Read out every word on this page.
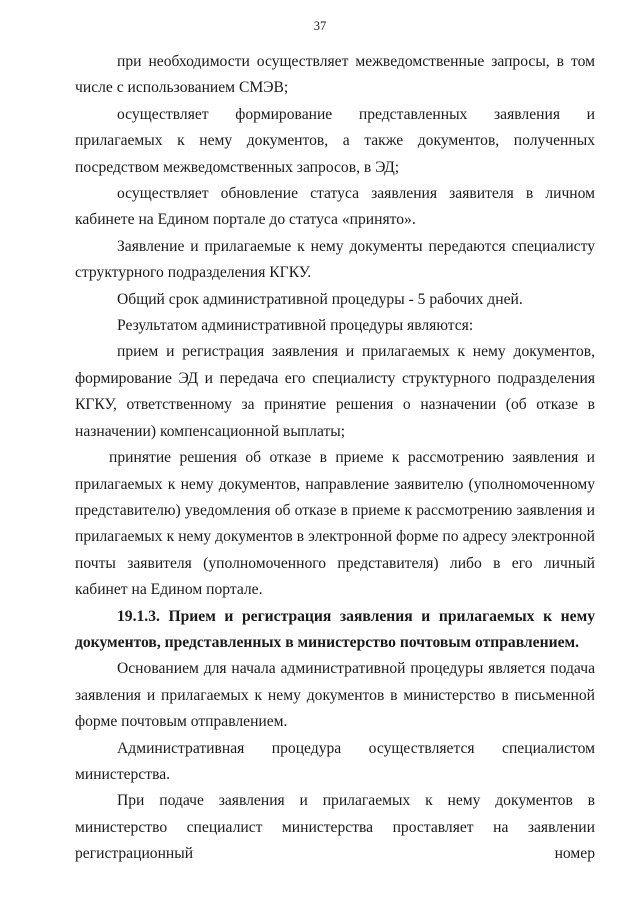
37

при необходимости осуществляет межведомственные запросы, в том числе с использованием СМЭВ;

осуществляет формирование представленных заявления и прилагаемых к нему документов, а также документов, полученных посредством межведомственных запросов, в ЭД;

осуществляет обновление статуса заявления заявителя в личном кабинете на Едином портале до статуса «принято».

Заявление и прилагаемые к нему документы передаются специалисту структурного подразделения КГКУ.

Общий срок административной процедуры - 5 рабочих дней.

Результатом административной процедуры являются:

прием и регистрация заявления и прилагаемых к нему документов, формирование ЭД и передача его специалисту структурного подразделения КГКУ, ответственному за принятие решения о назначении (об отказе в назначении) компенсационной выплаты;

принятие решения об отказе в приеме к рассмотрению заявления и прилагаемых к нему документов, направление заявителю (уполномоченному представителю) уведомления об отказе в приеме к рассмотрению заявления и прилагаемых к нему документов в электронной форме по адресу электронной почты заявителя (уполномоченного представителя) либо в его личный кабинет на Едином портале.

19.1.3. Прием и регистрация заявления и прилагаемых к нему документов, представленных в министерство почтовым отправлением.

Основанием для начала административной процедуры является подача заявления и прилагаемых к нему документов в министерство в письменной форме почтовым отправлением.

Административная процедура осуществляется специалистом министерства.

При подаче заявления и прилагаемых к нему документов в министерство специалист министерства проставляет на заявлении регистрационный номер
